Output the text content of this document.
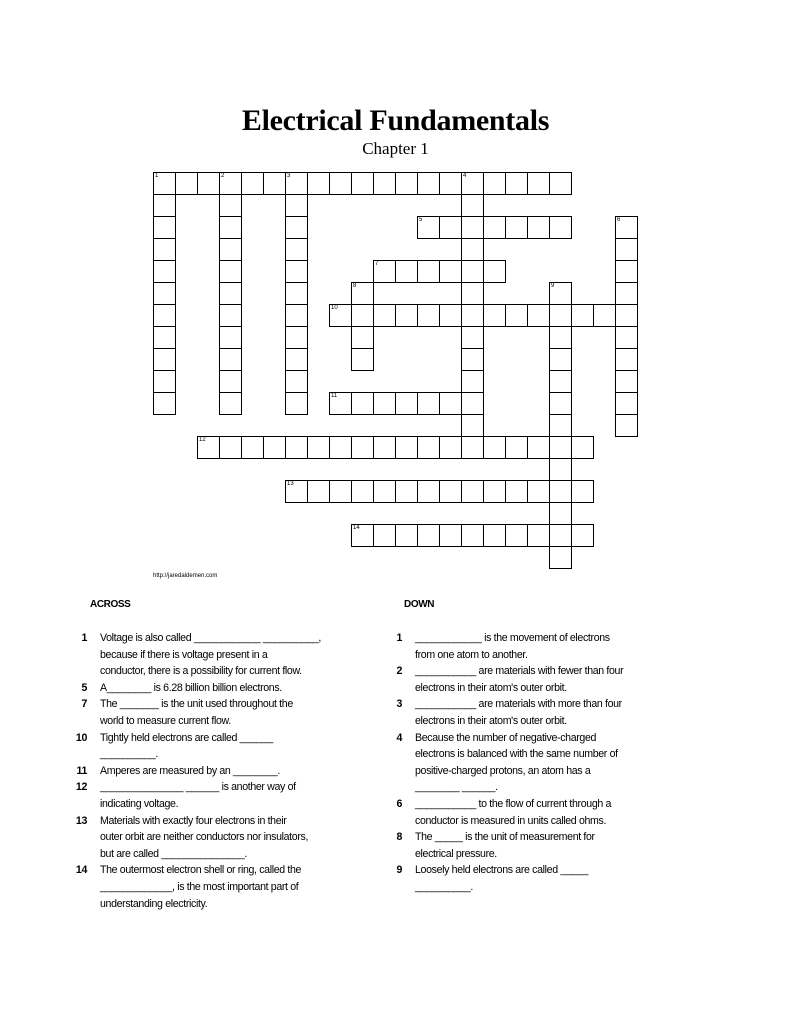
Electrical Fundamentals
Chapter 1
1	2	3	4
5
7
10
11
12
13
14
6
8	9
http://jaredaldemen.com
ACROSS	DOWN
1	Voltage is also called ____________ __________,
because if there is voltage present in a
conductor, there is a possibility for current flow.
5	A________ is 6.28 billion billion electrons.
7	The _______ is the unit used throughout the
world to measure current flow.
10	Tightly held electrons are called ______
__________.
11	Amperes are measured by an ________.
12	_______________ ______ is another way of
indicating voltage.
13	Materials with exactly four electrons in their
outer orbit are neither conductors nor insulators,
but are called _______________.
14	The outermost electron shell or ring, called the
_____________, is the most important part of
understanding electricity.
1	____________ is the movement of electrons
from one atom to another.
2	___________ are materials with fewer than four
electrons in their atom's outer orbit.
3	___________ are materials with more than four
electrons in their atom's outer orbit.
4	Because the number of negative-charged
electrons is balanced with the same number of
positive-charged protons, an atom has a
________ ______.
6	___________ to the flow of current through a
conductor is measured in units called ohms.
8	The _____ is the unit of measurement for
electrical pressure.
9	Loosely held electrons are called _____
__________.
